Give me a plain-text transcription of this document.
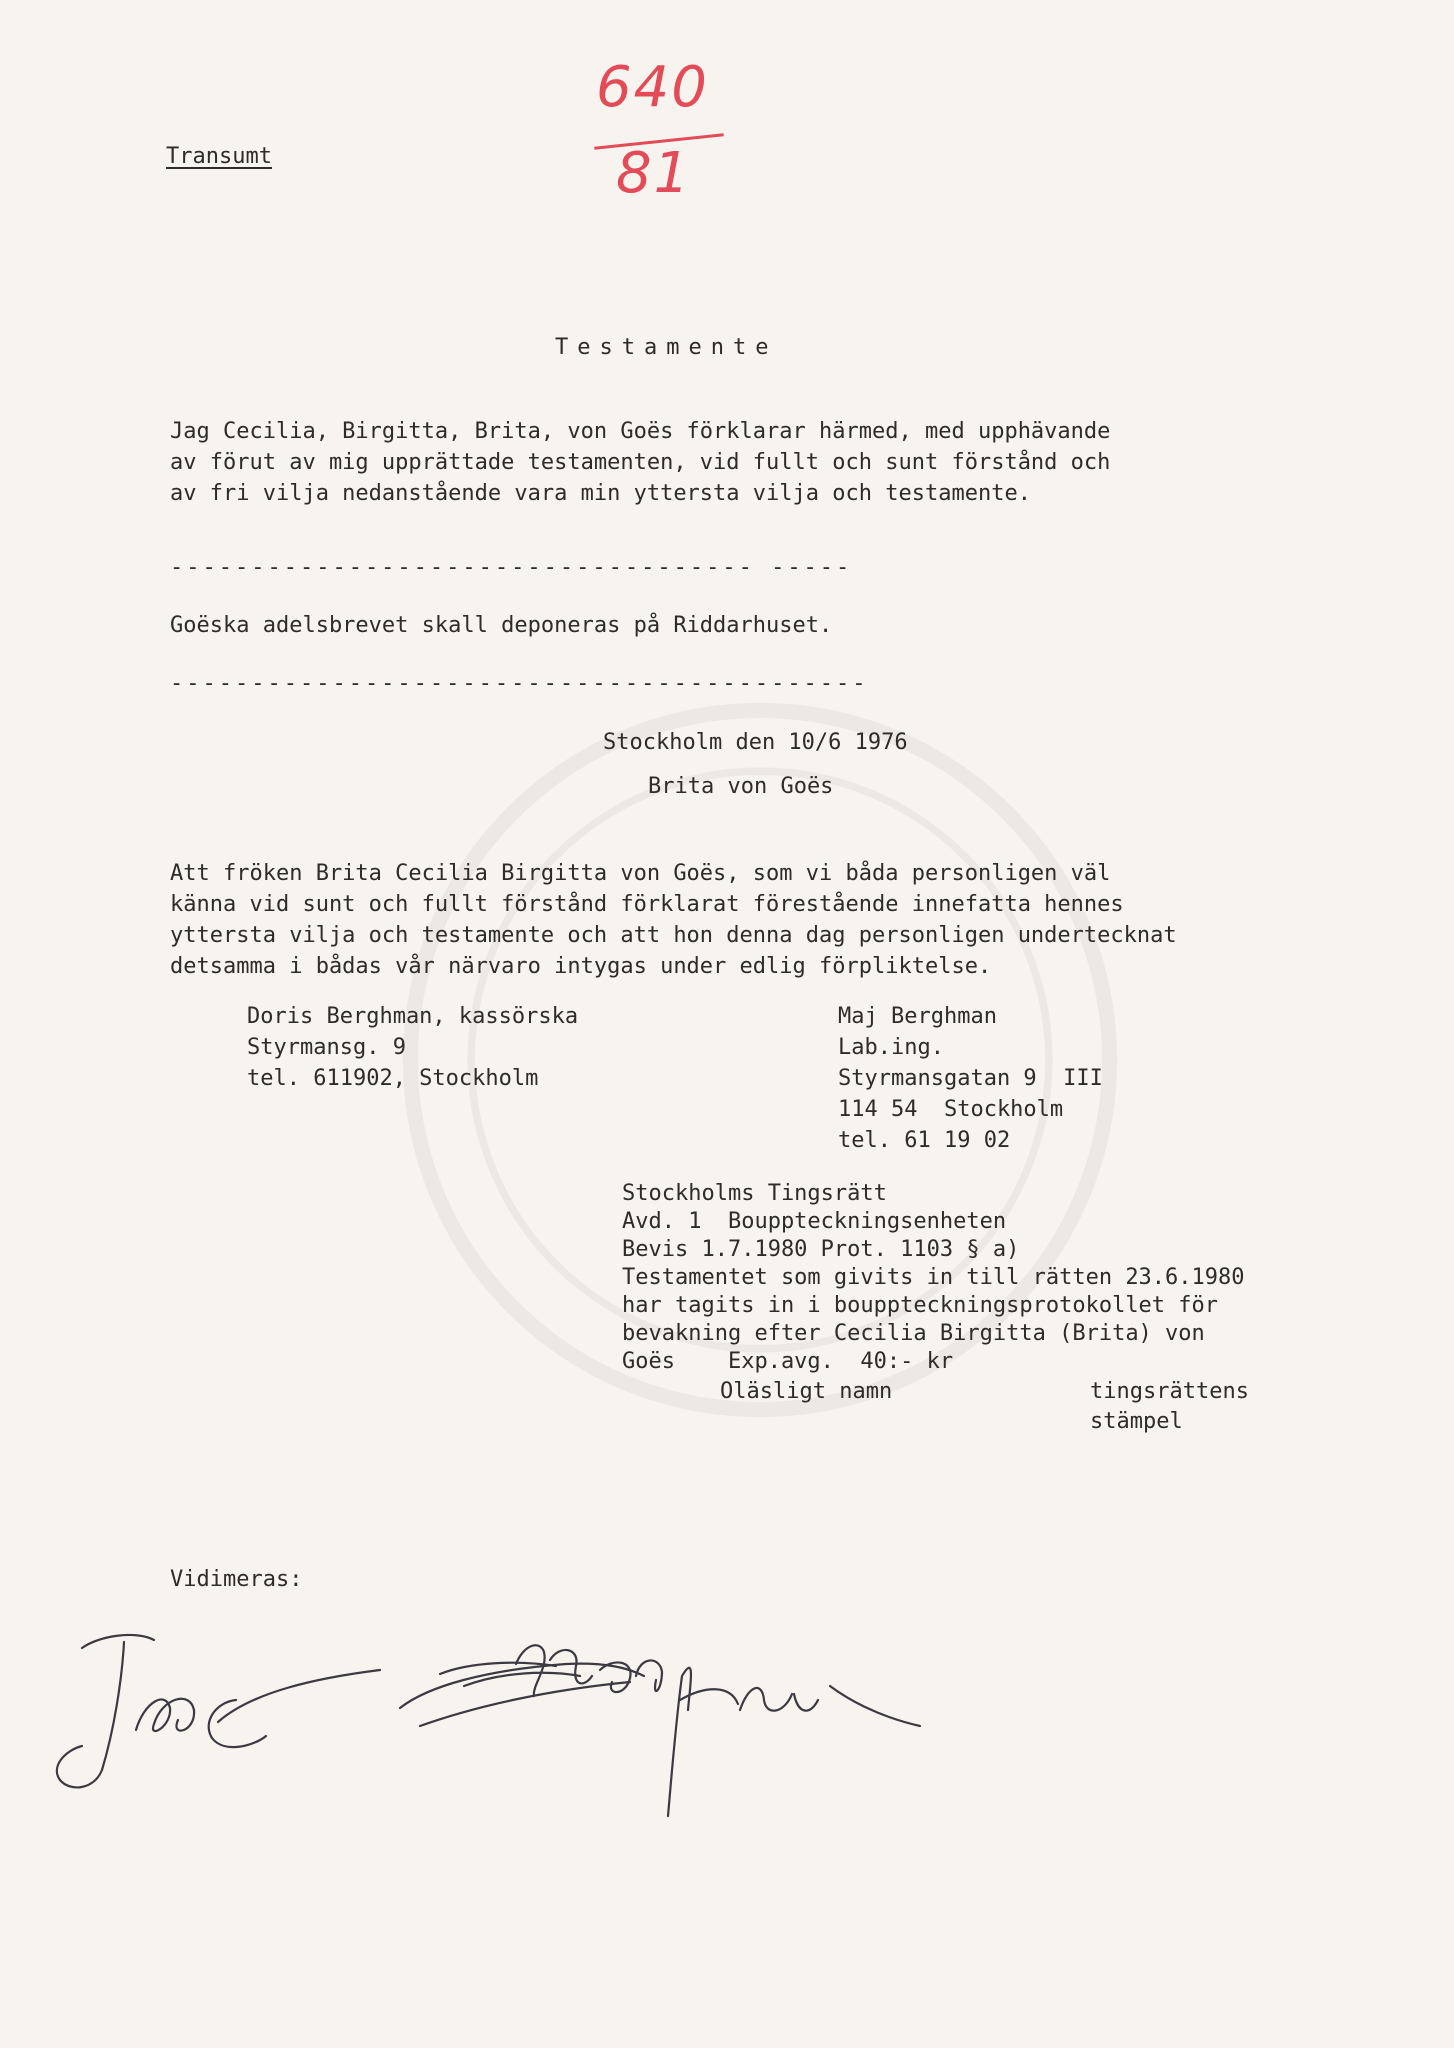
Transumt
640
81
Testamente
Jag Cecilia, Birgitta, Brita, von Goës förklarar härmed, med upphävande
av förut av mig upprättade testamenten, vid fullt och sunt förstånd och
av fri vilja nedanstående vara min yttersta vilja och testamente.
------------------------------------ -----
Goëska adelsbrevet skall deponeras på Riddarhuset.
-------------------------------------------
Stockholm den 10/6 1976
Brita von Goës
Att fröken Brita Cecilia Birgitta von Goës, som vi båda personligen väl
känna vid sunt och fullt förstånd förklarat förestående innefatta hennes
yttersta vilja och testamente och att hon denna dag personligen undertecknat
detsamma i bådas vår närvaro intygas under edlig förpliktelse.
Doris Berghman, kassörska
Styrmansg. 9
tel. 611902, Stockholm
Maj Berghman
Lab.ing.
Styrmansgatan 9  III
114 54  Stockholm
tel. 61 19 02
Stockholms Tingsrätt
Avd. 1  Bouppteckningsenheten
Bevis 1.7.1980 Prot. 1103 § a)
Testamentet som givits in till rätten 23.6.1980
har tagits in i bouppteckningsprotokollet för
bevakning efter Cecilia Birgitta (Brita) von
Goës    Exp.avg.  40:- kr
Oläsligt namn	tingsrättens
stämpel
Vidimeras:
